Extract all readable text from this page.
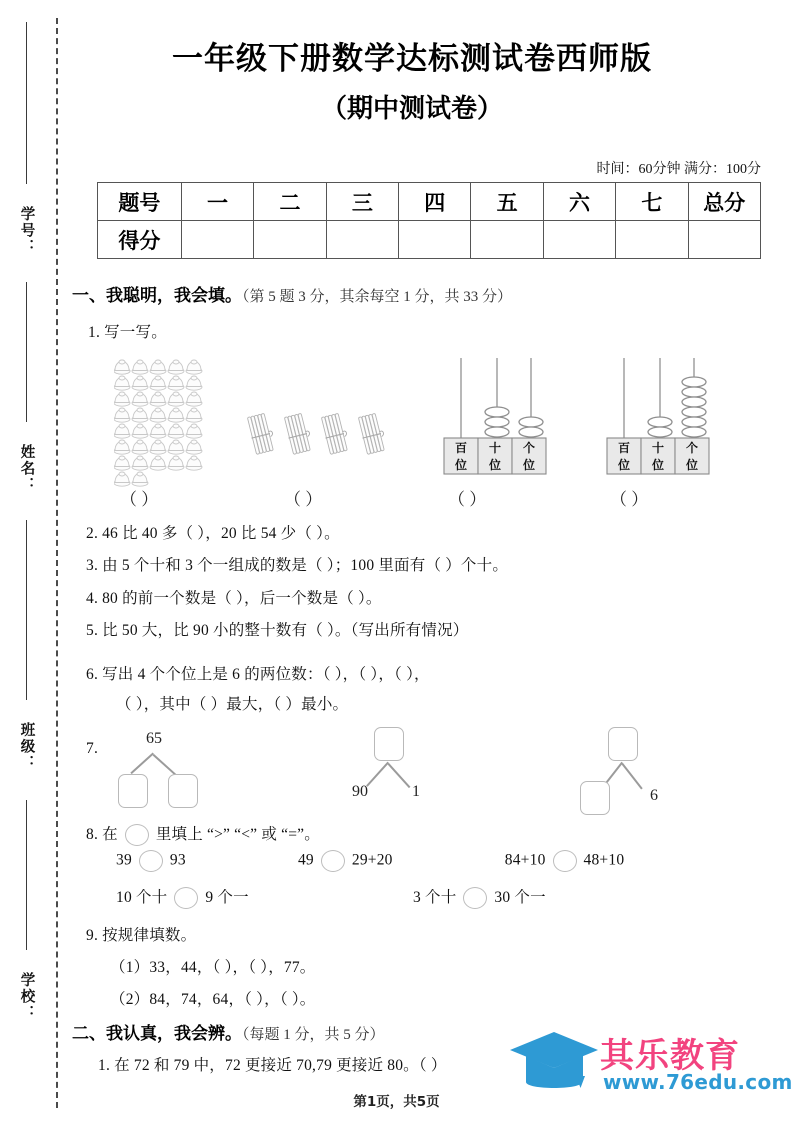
学号：
姓名：
班级：
学校：
一年级下册数学达标测试卷西师版
（期中测试卷）
时间：60分钟 满分：100分
题号	一	二	三	四	五	六	七	总分
得分								
一、我聪明，我会填。（第 5 题 3 分，其余每空 1 分，共 33 分）
1. 写一写。
百
位
十
位
个
位
百
位
十
位
个
位
（ ）	（ ）	（ ）	（ ）
2. 46 比 40 多（ ），20 比 54 少（ ）。
3. 由 5 个十和 3 个一组成的数是（ ）；100 里面有（ ）个十。
4. 80 的前一个数是（ ），后一个数是（ ）。
5. 比 50 大，比 90 小的整十数有（ ）。（写出所有情况）
6. 写出 4 个个位上是 6 的两位数：（ ），（ ），（ ），
（ ），其中（ ）最大，（ ）最小。
7.
65
90	1	6
8. 在 里填上 “>” “<” 或 “=”。
39 93	49 29+20	84+10 48+10
10 个十 9 个一	3 个十 30 个一
9. 按规律填数。
（1）33，44，（ ），（ ），77。
（2）84，74，64，（ ），（ ）。
二、我认真，我会辨。（每题 1 分，共 5 分）
1. 在 72 和 79 中，72 更接近 70,79 更接近 80。（ ）	其乐教育
www.76edu.com
第1页，共5页
